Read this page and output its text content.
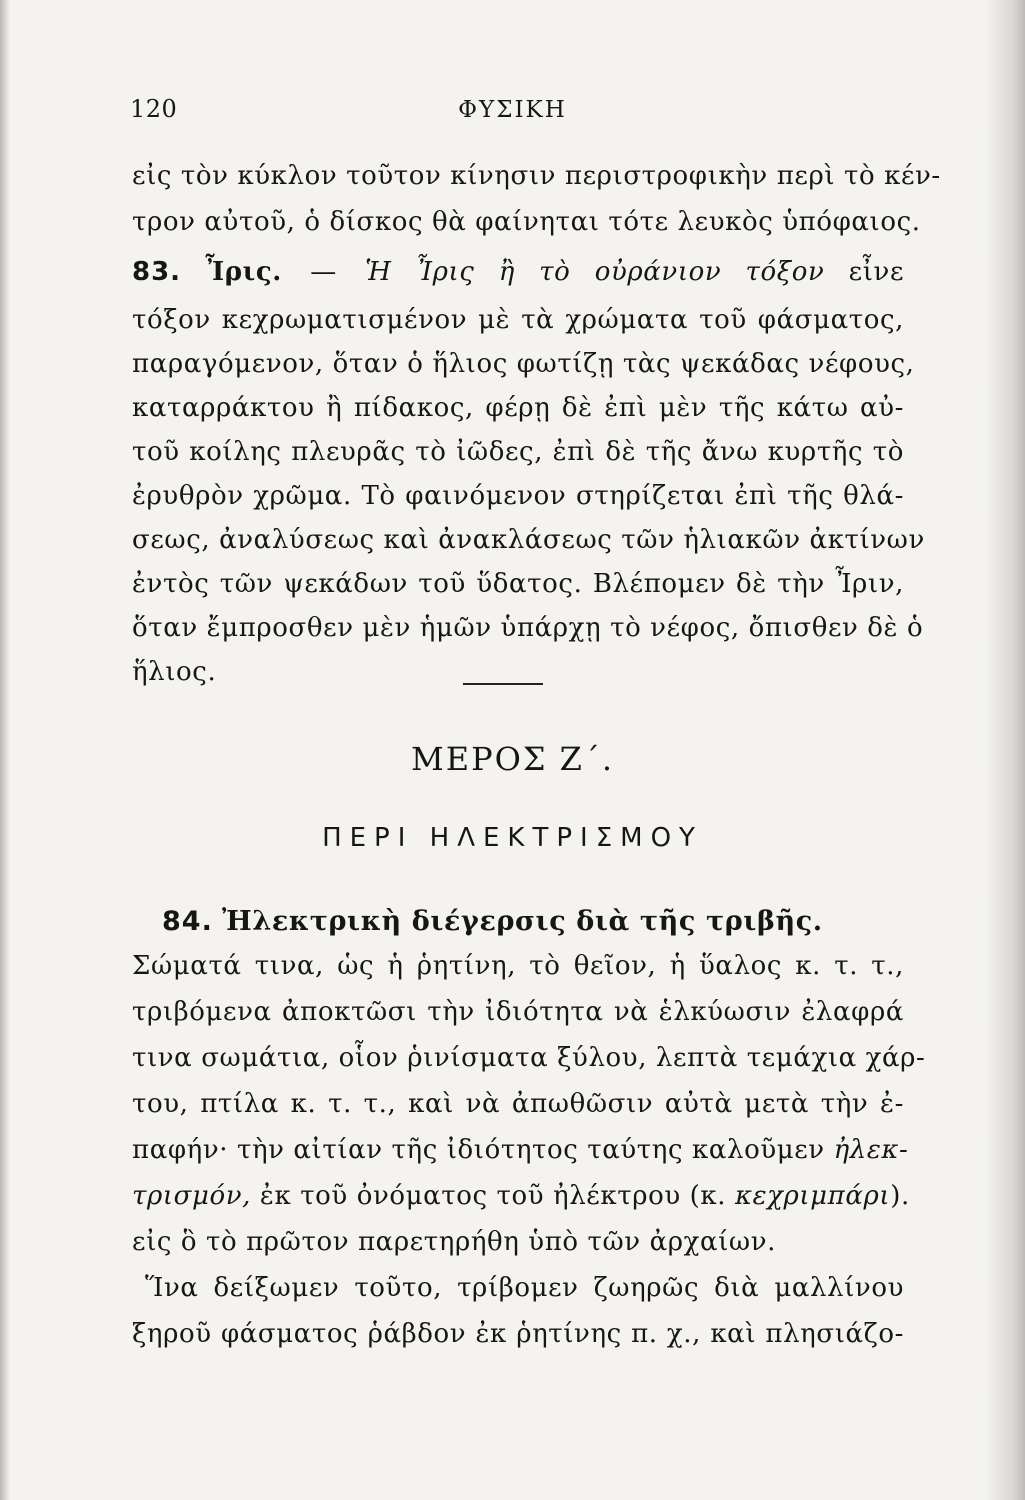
120	ΦΥΣΙΚΗ
εἰς τὸν κύκλον τοῦτον κίνησιν περιστροφικὴν περὶ τὸ κέν-
τρον αὐτοῦ, ὁ δίσκος θὰ φαίνηται τότε λευκὸς ὑπόφαιος.
83. Ἶρις. — Ἡ Ἶρις ἢ τὸ οὐράνιον τόξον εἶνε
τόξον κεχρωματισμένον μὲ τὰ χρώματα τοῦ φάσματος,
παραγόμενον, ὅταν ὁ ἥλιος φωτίζῃ τὰς ψεκάδας νέφους,
καταρράκτου ἢ πίδακος, φέρῃ δὲ ἐπὶ μὲν τῆς κάτω αὐ-
τοῦ κοίλης πλευρᾶς τὸ ἰῶδες, ἐπὶ δὲ τῆς ἄνω κυρτῆς τὸ
ἐρυθρὸν χρῶμα. Τὸ φαινόμενον στηρίζεται ἐπὶ τῆς θλά-
σεως, ἀναλύσεως καὶ ἀνακλάσεως τῶν ἡλιακῶν ἀκτίνων
ἐντὸς τῶν ψεκάδων τοῦ ὕδατος. Βλέπομεν δὲ τὴν Ἶριν,
ὅταν ἔμπροσθεν μὲν ἡμῶν ὑπάρχῃ τὸ νέφος, ὄπισθεν δὲ ὁ
ἥλιος.
ΜΕΡΟΣ Ζ΄.
ΠΕΡΙ ΗΛΕΚΤΡΙΣΜΟΥ
84. Ἠλεκτρικὴ διέγερσις διὰ τῆς τριβῆς.
Σώματά τινα, ὡς ἡ ῥητίνη, τὸ θεῖον, ἡ ὕαλος κ. τ. τ.,
τριβόμενα ἀποκτῶσι τὴν ἰδιότητα νὰ ἑλκύωσιν ἐλαφρά
τινα σωμάτια, οἷον ῥινίσματα ξύλου, λεπτὰ τεμάχια χάρ-
του, πτίλα κ. τ. τ., καὶ νὰ ἀπωθῶσιν αὐτὰ μετὰ τὴν ἐ-
παφήν· τὴν αἰτίαν τῆς ἰδιότητος ταύτης καλοῦμεν ἠλεκ-
τρισμόν, ἐκ τοῦ ὀνόματος τοῦ ἠλέκτρου (κ. κεχριμπάρι).
εἰς ὃ τὸ πρῶτον παρετηρήθη ὑπὸ τῶν ἀρχαίων.
Ἵνα δείξωμεν τοῦτο, τρίβομεν ζωηρῶς διὰ μαλλίνου
ξηροῦ φάσματος ῥάβδον ἐκ ῥητίνης π. χ., καὶ πλησιάζο-
